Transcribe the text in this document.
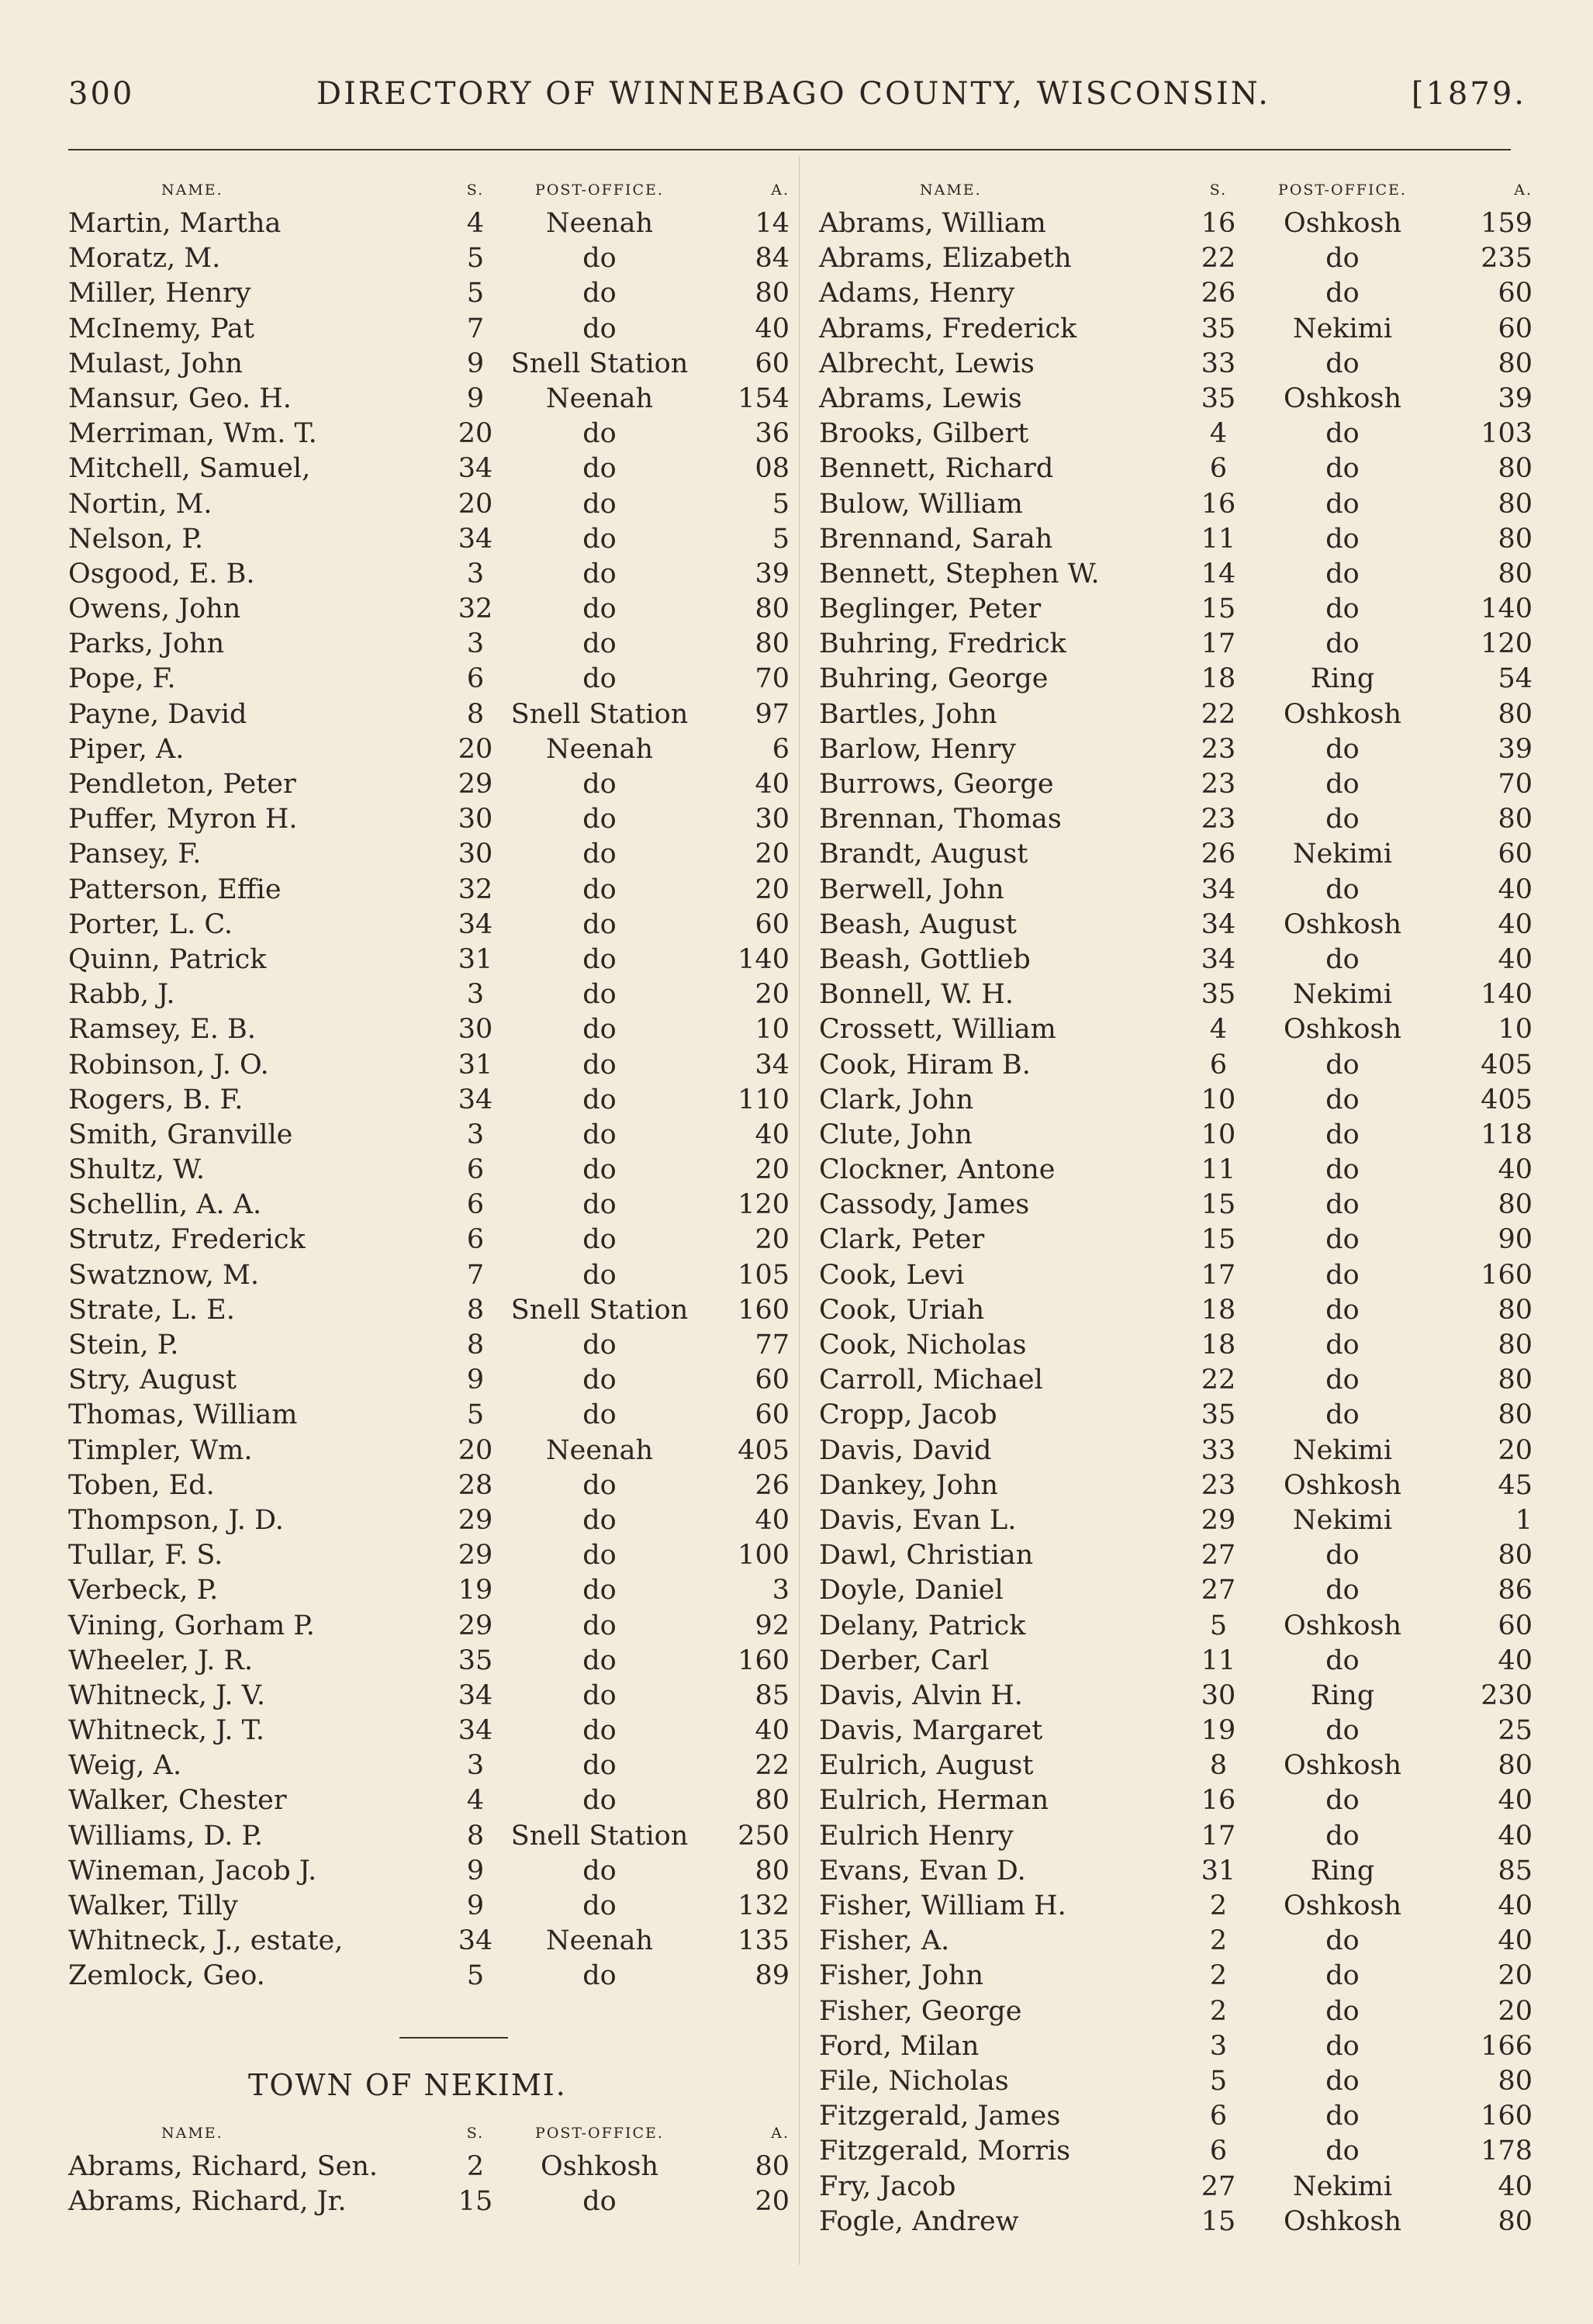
300	DIRECTORY OF WINNEBAGO COUNTY, WISCONSIN.	[1879.
NAME.	S.	POST-OFFICE.	A.
Martin, Martha	4	Neenah	14
Moratz, M.	5	do	84
Miller, Henry	5	do	80
McInemy, Pat	7	do	40
Mulast, John	9 Snell Station	60
Mansur, Geo. H.	9	Neenah	154
Merriman, Wm. T.	20	do	36
Mitchell, Samuel,	34	do	08
Nortin, M.	20	do	5
Nelson, P.	34	do	5
Osgood, E. B.	3	do	39
Owens, John	32	do	80
Parks, John	3	do	80
Pope, F.	6	do	70
Payne, David	8 Snell Station	97
Piper, A.	20	Neenah	6
Pendleton, Peter	29	do	40
Puffer, Myron H.	30	do	30
Pansey, F.	30	do	20
Patterson, Effie	32	do	20
Porter, L. C.	34	do	60
Quinn, Patrick	31	do	140
Rabb, J.	3	do	20
Ramsey, E. B.	30	do	10
Robinson, J. O.	31	do	34
Rogers, B. F.	34	do	110
Smith, Granville	3	do	40
Shultz, W.	6	do	20
Schellin, A. A.	6	do	120
Strutz, Frederick	6	do	20
Swatznow, M.	7	do	105
Strate, L. E.	8 Snell Station	160
Stein, P.	8	do	77
Stry, August	9	do	60
Thomas, William	5	do	60
Timpler, Wm.	20	Neenah	405
Toben, Ed.	28	do	26
Thompson, J. D.	29	do	40
Tullar, F. S.	29	do	100
Verbeck, P.	19	do	3
Vining, Gorham P.	29	do	92
Wheeler, J. R.	35	do	160
Whitneck, J. V.	34	do	85
Whitneck, J. T.	34	do	40
Weig, A.	3	do	22
Walker, Chester	4	do	80
Williams, D. P.	8 Snell Station	250
Wineman, Jacob J.	9	do	80
Walker, Tilly	9	do	132
Whitneck, J., estate,	34	Neenah	135
Zemlock, Geo.	5	do	89
TOWN OF NEKIMI.
NAME.	S.	POST-OFFICE.	A.
Abrams, Richard, Sen.	2	Oshkosh	80
Abrams, Richard, Jr.	15	do	20
NAME.	S.	POST-OFFICE.	A.
Abrams, William	16	Oshkosh	159
Abrams, Elizabeth	22	do	235
Adams, Henry	26	do	60
Abrams, Frederick	35	Nekimi	60
Albrecht, Lewis	33	do	80
Abrams, Lewis	35	Oshkosh	39
Brooks, Gilbert	4	do	103
Bennett, Richard	6	do	80
Bulow, William	16	do	80
Brennand, Sarah	11	do	80
Bennett, Stephen W.	14	do	80
Beglinger, Peter	15	do	140
Buhring, Fredrick	17	do	120
Buhring, George	18	Ring	54
Bartles, John	22	Oshkosh	80
Barlow, Henry	23	do	39
Burrows, George	23	do	70
Brennan, Thomas	23	do	80
Brandt, August	26	Nekimi	60
Berwell, John	34	do	40
Beash, August	34	Oshkosh	40
Beash, Gottlieb	34	do	40
Bonnell, W. H.	35	Nekimi	140
Crossett, William	4	Oshkosh	10
Cook, Hiram B.	6	do	405
Clark, John	10	do	405
Clute, John	10	do	118
Clockner, Antone	11	do	40
Cassody, James	15	do	80
Clark, Peter	15	do	90
Cook, Levi	17	do	160
Cook, Uriah	18	do	80
Cook, Nicholas	18	do	80
Carroll, Michael	22	do	80
Cropp, Jacob	35	do	80
Davis, David	33	Nekimi	20
Dankey, John	23	Oshkosh	45
Davis, Evan L.	29	Nekimi	1
Dawl, Christian	27	do	80
Doyle, Daniel	27	do	86
Delany, Patrick	5	Oshkosh	60
Derber, Carl	11	do	40
Davis, Alvin H.	30	Ring	230
Davis, Margaret	19	do	25
Eulrich, August	8	Oshkosh	80
Eulrich, Herman	16	do	40
Eulrich Henry	17	do	40
Evans, Evan D.	31	Ring	85
Fisher, William H.	2	Oshkosh	40
Fisher, A.	2	do	40
Fisher, John	2	do	20
Fisher, George	2	do	20
Ford, Milan	3	do	166
File, Nicholas	5	do	80
Fitzgerald, James	6	do	160
Fitzgerald, Morris	6	do	178
Fry, Jacob	27	Nekimi	40
Fogle, Andrew	15	Oshkosh	80
